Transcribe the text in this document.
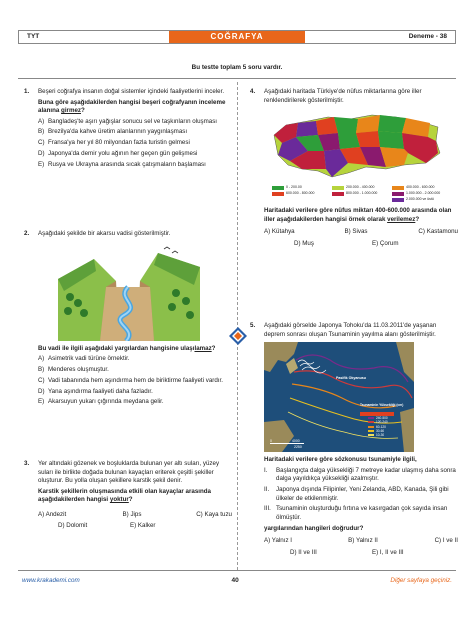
TYT	COĞRAFYA	Deneme - 38
Bu testte toplam 5 soru vardır.
1. Beşeri coğrafya insanın doğal sistemler içindeki faaliyetlerini inceler.

Buna göre aşağıdakilerden hangisi beşeri coğrafyanın inceleme alanına girmez?

A) Bangladeş'te aşırı yağışlar sonucu sel ve taşkınların oluşması
B) Brezilya'da kahve üretim alanlarının yaygınlaşması
C) Fransa'ya her yıl 80 milyondan fazla turistin gelmesi
D) Japonya'da demir yolu ağının her geçen gün gelişmesi
E) Rusya ve Ukrayna arasında sıcak çatışmaların başlaması
2. Aşağıdaki şekilde bir akarsu vadisi gösterilmiştir.

Bu vadi ile ilgili aşağıdaki yargılardan hangisine ulaşılamaz?

A) Asimetrik vadi türüne örnektir.
B) Menderes oluşmuştur.
C) Vadi tabanında hem aşındırma hem de biriktirme faaliyeti vardır.
D) Yana aşındırma faaliyeti daha fazladır.
E) Akarsuyun yukarı çığırında meydana gelir.
3. Yer altındaki gözenek ve boşluklarda bulunan yer altı suları, yüzey suları ile birlikte doğada bulunan kayaçları eriterek çeşitli şekiller oluşturur. Bu yolla oluşan şekillere karstik şekil denir.

Karstik şekillerin oluşmasında etkili olan kayaçlar arasında aşağıdakilerden hangisi yoktur?

A) Andezit	B) Jips	C) Kaya tuzu
D) Dolomit	E) Kalker
4. Aşağıdaki haritada Türkiye'de nüfus miktarlarına göre iller renklendirilerek gösterilmiştir.

0 - 200.00	200.000 - 400.000	400.000 - 600.000
600.000 - 800.000	800.000 - 1.000.000	1.000.000 - 2.000.000
2.000.000 ve üstü

Haritadaki verilere göre nüfus miktarı 400-600.000 arasında olan iller aşağıdakilerden hangisi örnek olarak verilemez?

A) Kütahya	B) Sivas	C) Kastamonu
D) Muş	E) Çorum
5. Aşağıdaki görselde Japonya Tohoku'da 11.03.2011'de yaşanan deprem sonrası oluşan Tsunaminin yayılma alanı gösterilmiştir.

Pasifik Okyanusu
Tsunaminin Yüksekliği (cm)
240-500
120-240
60-120
30-60
10-30
0	4000
2250

Haritadaki verilere göre sözkonusu tsunamiyle ilgili,

I.	Başlangıçta dalga yüksekliği 7 metreye kadar ulaşmış daha sonra dalga yayıldıkça yüksekliği azalmıştır.
II.	Japonya dışında Filipinler, Yeni Zelanda, ABD, Kanada, Şili gibi ülkeler de etkilenmiştir.
III. Tsunaminin oluşturduğu fırtına ve kasırgadan çok sayıda insan ölmüştür.

yargılarından hangileri doğrudur?

A) Yalnız I	B) Yalnız II	C) I ve II
D) II ve III	E) I, II ve III
www.krakademi.com	40	Diğer sayfaya geçiniz.
